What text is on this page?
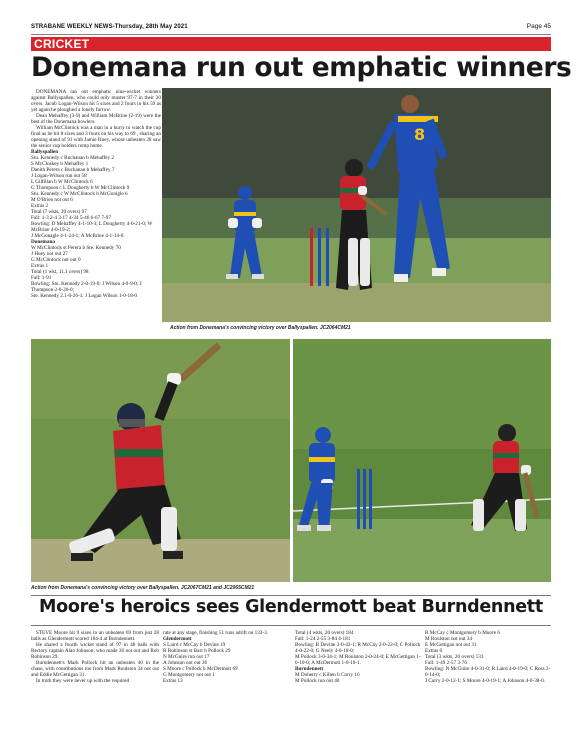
STRABANE WEEKLY NEWS-Thursday, 28th May 2021	Page 45
CRICKET
Donemana run out emphatic winners

DONEMANA ran out emphatic nine-wicket winners against Ballyspallen, who could only muster 97-7 in their 20 overs. Jacob Logan-Wilson hit 5 sixes and 2 fours in his 59 as yet again he ploughed a lonely furrow.

Dean Mehaffey (3-9) and William McBrine (2-19) were the best of the Donemana bowlers.

William McClintock was a man in a hurry to watch the cup final as he hit 8 sixes and 3 fours on his way to 69 , sharing an opening stand of 91 with Jamie Huey, whose unbeaten 28 saw the senior cup holders romp home.

Ballyspallen
Stu. Kennedy c Buchanan b Mehaffey 2
S McCloskey b Mehaffey 1
Danith Perera c Buchanan b Mehaffey 7
J Logan-Wilson run out 58
L Gilfillan b W McClintock 6
G Thompson c L Dougherty b W McClintock 9
Stu. Kennedy c W McClintock b McGonigle 6
M O'Brien not out 6
Extras 2
Total (7 wkts, 20 overs) 97
Fall: 1-3 2-4 3-17 4-34 5-46 6-67 7-97
Bowling: D Mehaffey 4-1-10-3; L Dougherty 4-0-21-0; W McBrine 4-0-19-2;
J McGonagle 4-1-24-1; A McBrine 4-1-14-0.
Donemana
W McClintock st Perera b Ste. Kennedy 70
J Huey not out 27
G McClintock not out 0
Extras 1
Total (1 wkt, 11.1 overs) 98
Fall: 1-91
Bowling: Stu. Kennedy 2-0-19-0; J Wilson 4-0-9-0; J Thompson 2-0-20-0;
Ste. Kennedy 2.1-0-26-1; J Logan Wilson 1-0-18-0
8
Action from Donemana's convincing victory over Ballyspallen. JC2064CM21
Action from Donemana's convincing victory over Ballyspallen. JC2067CM21 and JC2065CM21
Moore's heroics sees Glendermott beat Burndennett

STEVE Moore hit 9 sixes in an unbeaten 69 from just 28 balls as Glendermott scored 184-4 at Burndennett.

He shared a fourth wicket stand of 97 in 48 balls with Rectory captain Alan Johnson, who made 36 not out and Rob Robinson 29.

Burndennett's Mark Pollock hit an unbeaten 40 in the chase, with contributions too from Mark Roulston 34 not out and Eddie McGettigan 31.

In truth they were never up with the required

rate at any stage, finishing 51 runs adrift on 133-3.
Glendermott
S Laird c McCay b Devine 19
R Robinson st Barr b Pollock 29
N McGuire run out 17
A Johnson not out 36
S Moore c Pollock b McDermott 69
G Montgomery not out 1
Extras 13
Total (4 wkts, 20 overs) 184
Fall: 1-24 2-55 3-84 4-181
Bowling: B Devine 3-0-42-1; R McCay 2-0-22-0; C Pollock 4-0-22-0; G Neely 4-0-18-0;
M Pollock 3-0-34-1; M Roulston 2-0-24-0; E McGettigan 1-0-10-0; A McDermott 1-0-10-1.
Burndennett
M Doherty c Killen b Curry 16
M Pollock run out 40
R McCay c Montgomery b Moore 6
M Roulston not out 34
E McGettigan not out 31
Extras 6
Total (3 wkts, 20 overs) 133
Fall: 1-49 2-57 3-76
Bowling: N McGuire 4-0-31-0; R Laird 4-0-19-0; C Ross 2-0-14-0;
J Curry 2-0-12-1; S Moore 4-0-19-1; A Johnson 4-0-38-0.
